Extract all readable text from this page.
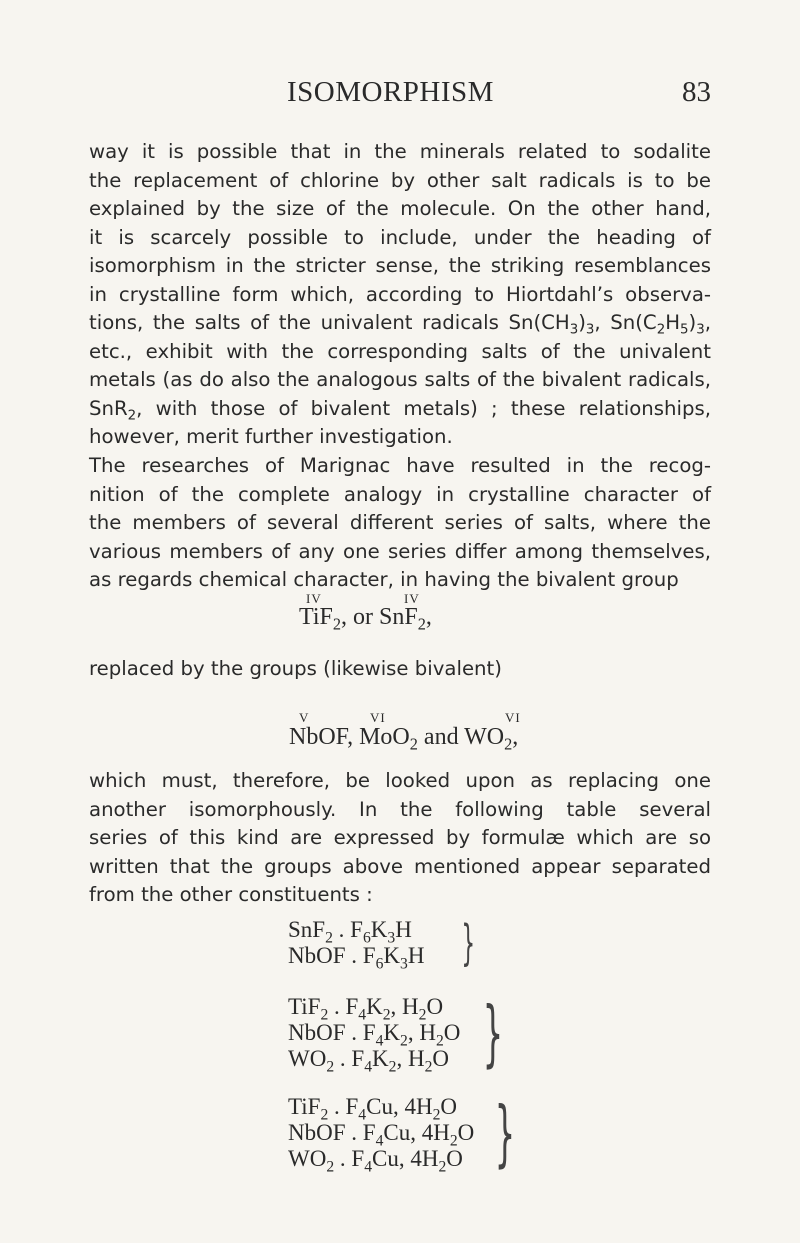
ISOMORPHISM	83
way it is possible that in the minerals related to sodalite
the replacement of chlorine by other salt radicals is to be
explained by the size of the molecule. On the other hand,
it is scarcely possible to include, under the heading of
isomorphism in the stricter sense, the striking resemblances
in crystalline form which, according to Hiortdahl’s observa-
tions, the salts of the univalent radicals $Sn(CH_3)_3$, $Sn(C_2H_5)_3$,
etc., exhibit with the corresponding salts of the univalent
metals (as do also the analogous salts of the bivalent radicals,
SnR$_2$, with those of bivalent metals) ; these relationships,
however, merit further investigation.
The researches of Marignac have resulted in the recog-
nition of the complete analogy in crystalline character of
the members of several different series of salts, where the
various members of any one series differ among themselves,
as regards chemical character, in having the bivalent group
IV	IV
TiF$_2$, or SnF$_2$,
replaced by the groups (likewise bivalent)
V	VI	VI
NbOF, MoO$_2$ and $WO_2$,
which must, therefore, be looked upon as replacing one
another isomorphously. In the following table several
series of this kind are expressed by formulæ which are so
written that the groups above mentioned appear separated
from the other constituents :
SnF$_2$ . $F_6K_3H$
NbOF . $F_6K_3H$ }
TiF$_2$ . $F_4K_2$, $H_2O$
NbOF . $F_4K_2$, $H_2O$
$WO_2$ . $F_4K_2$, $H_2O$ }
TiF$_2$ . $F_4Cu$, $4H_2O$
NbOF . $F_4Cu$, $4H_2O$
$WO_2$ . $F_4Cu$, $4H_2O$ }
